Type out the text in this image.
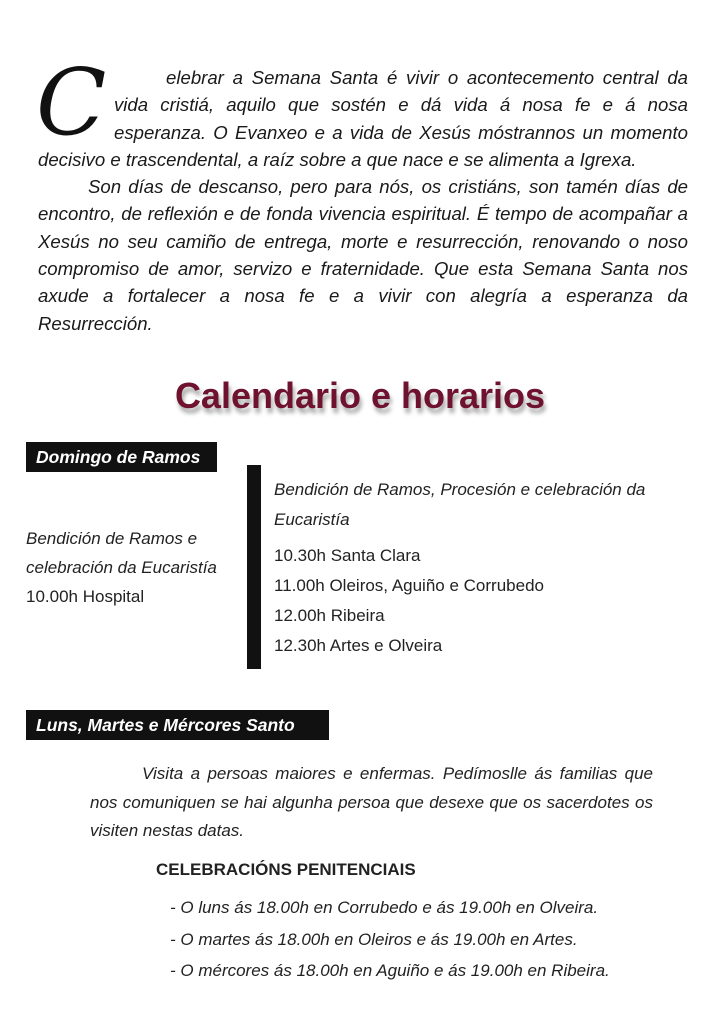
C	elebrar a Semana Santa é vivir o acontecemento central da vida cristiá, aquilo que sostén e dá vida á nosa fe e á nosa esperanza. O Evanxeo e a vida de Xesús móstrannos un momento decisivo e trascendental, a raíz sobre a que nace e se alimenta a Igrexa.

Son días de descanso, pero para nós, os cristiáns, son tamén días de encontro, de reflexión e de fonda vivencia espiritual. É tempo de acompañar a Xesús no seu camiño de entrega, morte e resurrección, renovando o noso compromiso de amor, servizo e fraternidade. Que esta Semana Santa nos axude a fortalecer a nosa fe e a vivir con alegría a esperanza da Resurrección.

Calendario e horarios
Domingo de Ramos
Bendición de Ramos e
celebración da Eucaristía
10.00h Hospital
Bendición de Ramos, Procesión e celebración da Eucaristía
10.30h Santa Clara
11.00h Oleiros, Aguiño e Corrubedo
12.00h Ribeira
12.30h Artes e Olveira
Luns, Martes e Mércores Santo

Visita a persoas maiores e enfermas. Pedímoslle ás familias que nos comuniquen se hai algunha persoa que desexe que os sacerdotes os visiten nestas datas.

CELEBRACIÓNS PENITENCIAIS
- O luns ás 18.00h en Corrubedo e ás 19.00h en Olveira.
- O martes ás 18.00h en Oleiros e ás 19.00h en Artes.
- O mércores ás 18.00h en Aguiño e ás 19.00h en Ribeira.
